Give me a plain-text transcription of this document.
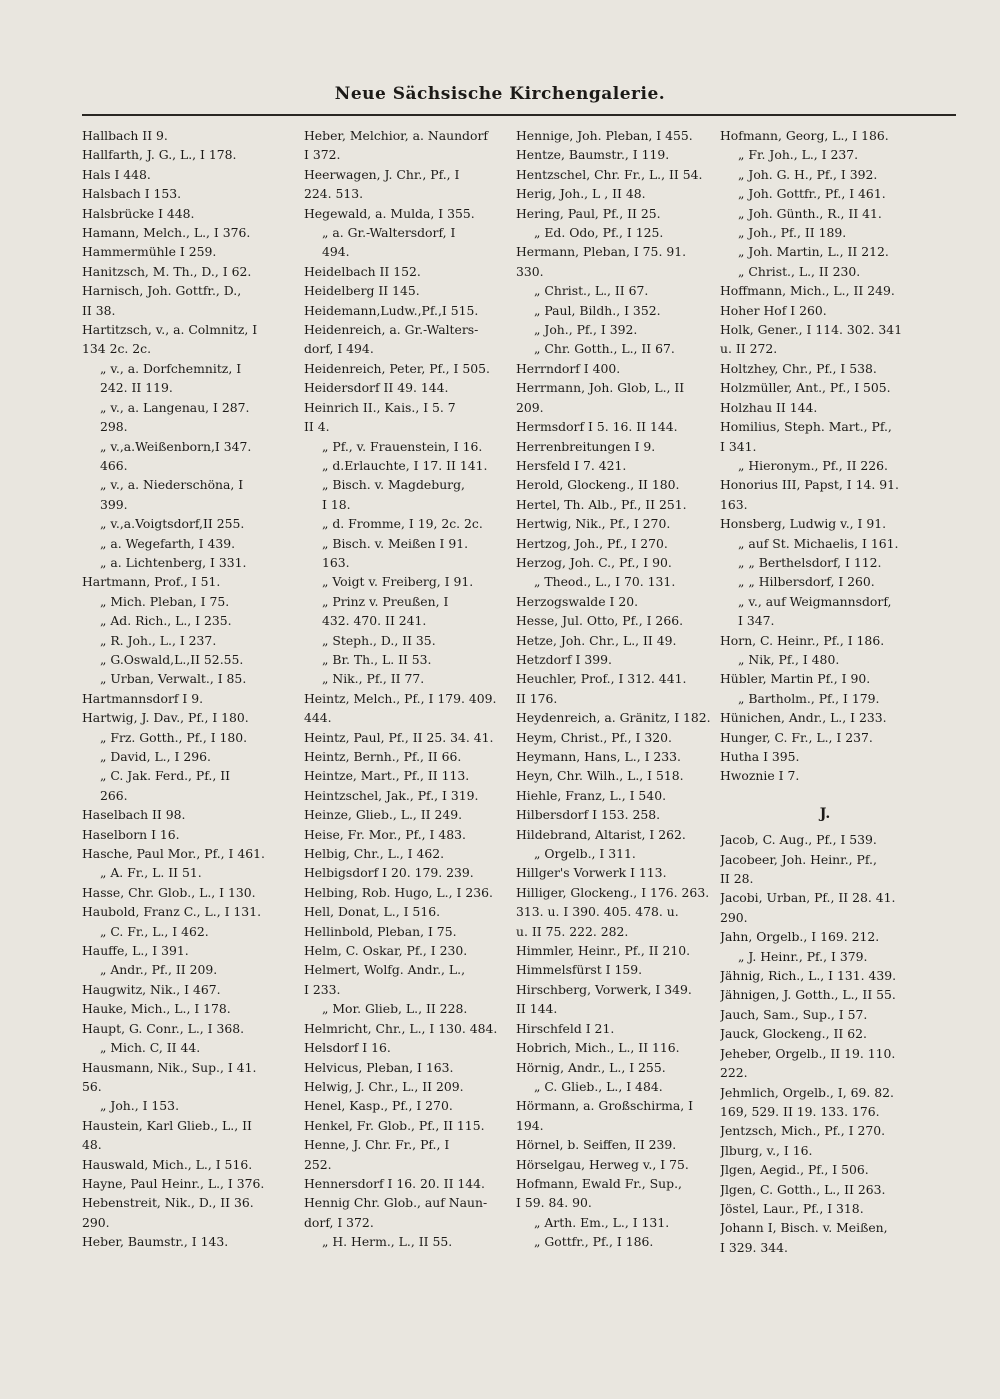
Neue Sächsische Kirchengalerie.
Hallbach II 9.
Hallfarth, J. G., L., I 178.
Hals I 448.
Halsbach I 153.
Halsbrücke I 448.
Hamann, Melch., L., I 376.
Hammermühle I 259.
Hanitzsch, M. Th., D., I 62.
Harnisch, Joh. Gottfr., D.,
II 38.
Hartitzsch, v., a. Colmnitz, I
134 2c. 2c.
„ v., a. Dorfchemnitz, I
242. II 119.
„ v., a. Langenau, I 287.
298.
„ v.,a.Weißenborn,I 347.
466.
„ v., a. Niederschöna, I
399.
„ v.,a.Voigtsdorf,II 255.
„ a. Wegefarth, I 439.
„ a. Lichtenberg, I 331.
Hartmann, Prof., I 51.
„ Mich. Pleban, I 75.
„ Ad. Rich., L., I 235.
„ R. Joh., L., I 237.
„ G.Oswald,L.,II 52.55.
„ Urban, Verwalt., I 85.
Hartmannsdorf I 9.
Hartwig, J. Dav., Pf., I 180.
„ Frz. Gotth., Pf., I 180.
„ David, L., I 296.
„ C. Jak. Ferd., Pf., II
266.
Haselbach II 98.
Haselborn I 16.
Hasche, Paul Mor., Pf., I 461.
„ A. Fr., L. II 51.
Hasse, Chr. Glob., L., I 130.
Haubold, Franz C., L., I 131.
„ C. Fr., L., I 462.
Hauffe, L., I 391.
„ Andr., Pf., II 209.
Haugwitz, Nik., I 467.
Hauke, Mich., L., I 178.
Haupt, G. Conr., L., I 368.
„ Mich. C, II 44.
Hausmann, Nik., Sup., I 41.
56.
„ Joh., I 153.
Haustein, Karl Glieb., L., II
48.
Hauswald, Mich., L., I 516.
Hayne, Paul Heinr., L., I 376.
Hebenstreit, Nik., D., II 36.
290.
Heber, Baumstr., I 143.
Heber, Melchior, a. Naundorf
I 372.
Heerwagen, J. Chr., Pf., I
224. 513.
Hegewald, a. Mulda, I 355.
„ a. Gr.-Waltersdorf, I
494.
Heidelbach II 152.
Heidelberg II 145.
Heidemann,Ludw.,Pf.,I 515.
Heidenreich, a. Gr.-Walters-
dorf, I 494.
Heidenreich, Peter, Pf., I 505.
Heidersdorf II 49. 144.
Heinrich II., Kais., I 5. 7
II 4.
„ Pf., v. Frauenstein, I 16.
„ d.Erlauchte, I 17. II 141.
„ Bisch. v. Magdeburg,
I 18.
„ d. Fromme, I 19, 2c. 2c.
„ Bisch. v. Meißen I 91.
163.
„ Voigt v. Freiberg, I 91.
„ Prinz v. Preußen, I
432. 470. II 241.
„ Steph., D., II 35.
„ Br. Th., L. II 53.
„ Nik., Pf., II 77.
Heintz, Melch., Pf., I 179. 409.
444.
Heintz, Paul, Pf., II 25. 34. 41.
Heintz, Bernh., Pf., II 66.
Heintze, Mart., Pf., II 113.
Heintzschel, Jak., Pf., I 319.
Heinze, Glieb., L., II 249.
Heise, Fr. Mor., Pf., I 483.
Helbig, Chr., L., I 462.
Helbigsdorf I 20. 179. 239.
Helbing, Rob. Hugo, L., I 236.
Hell, Donat, L., I 516.
Hellinbold, Pleban, I 75.
Helm, C. Oskar, Pf., I 230.
Helmert, Wolfg. Andr., L.,
I 233.
„ Mor. Glieb, L., II 228.
Helmricht, Chr., L., I 130. 484.
Helsdorf I 16.
Helvicus, Pleban, I 163.
Helwig, J. Chr., L., II 209.
Henel, Kasp., Pf., I 270.
Henkel, Fr. Glob., Pf., II 115.
Henne, J. Chr. Fr., Pf., I
252.
Hennersdorf I 16. 20. II 144.
Hennig Chr. Glob., auf Naun-
dorf, I 372.
„ H. Herm., L., II 55.
Hennige, Joh. Pleban, I 455.
Hentze, Baumstr., I 119.
Hentzschel, Chr. Fr., L., II 54.
Herig, Joh., L , II 48.
Hering, Paul, Pf., II 25.
„ Ed. Odo, Pf., I 125.
Hermann, Pleban, I 75. 91.
330.
„ Christ., L., II 67.
„ Paul, Bildh., I 352.
„ Joh., Pf., I 392.
„ Chr. Gotth., L., II 67.
Herrndorf I 400.
Herrmann, Joh. Glob, L., II
209.
Hermsdorf I 5. 16. II 144.
Herrenbreitungen I 9.
Hersfeld I 7. 421.
Herold, Glockeng., II 180.
Hertel, Th. Alb., Pf., II 251.
Hertwig, Nik., Pf., I 270.
Hertzog, Joh., Pf., I 270.
Herzog, Joh. C., Pf., I 90.
„ Theod., L., I 70. 131.
Herzogswalde I 20.
Hesse, Jul. Otto, Pf., I 266.
Hetze, Joh. Chr., L., II 49.
Hetzdorf I 399.
Heuchler, Prof., I 312. 441.
II 176.
Heydenreich, a. Gränitz, I 182.
Heym, Christ., Pf., I 320.
Heymann, Hans, L., I 233.
Heyn, Chr. Wilh., L., I 518.
Hiehle, Franz, L., I 540.
Hilbersdorf I 153. 258.
Hildebrand, Altarist, I 262.
„ Orgelb., I 311.
Hillger's Vorwerk I 113.
Hilliger, Glockeng., I 176. 263.
313. u. I 390. 405. 478. u.
u. II 75. 222. 282.
Himmler, Heinr., Pf., II 210.
Himmelsfürst I 159.
Hirschberg, Vorwerk, I 349.
II 144.
Hirschfeld I 21.
Hobrich, Mich., L., II 116.
Hörnig, Andr., L., I 255.
„ C. Glieb., L., I 484.
Hörmann, a. Großschirma, I
194.
Hörnel, b. Seiffen, II 239.
Hörselgau, Herweg v., I 75.
Hofmann, Ewald Fr., Sup.,
I 59. 84. 90.
„ Arth. Em., L., I 131.
„ Gottfr., Pf., I 186.
Hofmann, Georg, L., I 186.
„ Fr. Joh., L., I 237.
„ Joh. G. H., Pf., I 392.
„ Joh. Gottfr., Pf., I 461.
„ Joh. Günth., R., II 41.
„ Joh., Pf., II 189.
„ Joh. Martin, L., II 212.
„ Christ., L., II 230.
Hoffmann, Mich., L., II 249.
Hoher Hof I 260.
Holk, Gener., I 114. 302. 341
u. II 272.
Holtzhey, Chr., Pf., I 538.
Holzmüller, Ant., Pf., I 505.
Holzhau II 144.
Homilius, Steph. Mart., Pf.,
I 341.
„ Hieronym., Pf., II 226.
Honorius III, Papst, I 14. 91.
163.
Honsberg, Ludwig v., I 91.
„ auf St. Michaelis, I 161.
„ „ Berthelsdorf, I 112.
„ „ Hilbersdorf, I 260.
„ v., auf Weigmannsdorf,
I 347.
Horn, C. Heinr., Pf., I 186.
„ Nik, Pf., I 480.
Hübler, Martin Pf., I 90.
„ Bartholm., Pf., I 179.
Hünichen, Andr., L., I 233.
Hunger, C. Fr., L., I 237.
Hutha I 395.
Hwoznie I 7.
J.
Jacob, C. Aug., Pf., I 539.
Jacobeer, Joh. Heinr., Pf.,
II 28.
Jacobi, Urban, Pf., II 28. 41.
290.
Jahn, Orgelb., I 169. 212.
„ J. Heinr., Pf., I 379.
Jähnig, Rich., L., I 131. 439.
Jähnigen, J. Gotth., L., II 55.
Jauch, Sam., Sup., I 57.
Jauck, Glockeng., II 62.
Jeheber, Orgelb., II 19. 110.
222.
Jehmlich, Orgelb., I, 69. 82.
169, 529. II 19. 133. 176.
Jentzsch, Mich., Pf., I 270.
Jlburg, v., I 16.
Jlgen, Aegid., Pf., I 506.
Jlgen, C. Gotth., L., II 263.
Jöstel, Laur., Pf., I 318.
Johann I, Bisch. v. Meißen,
I 329. 344.
